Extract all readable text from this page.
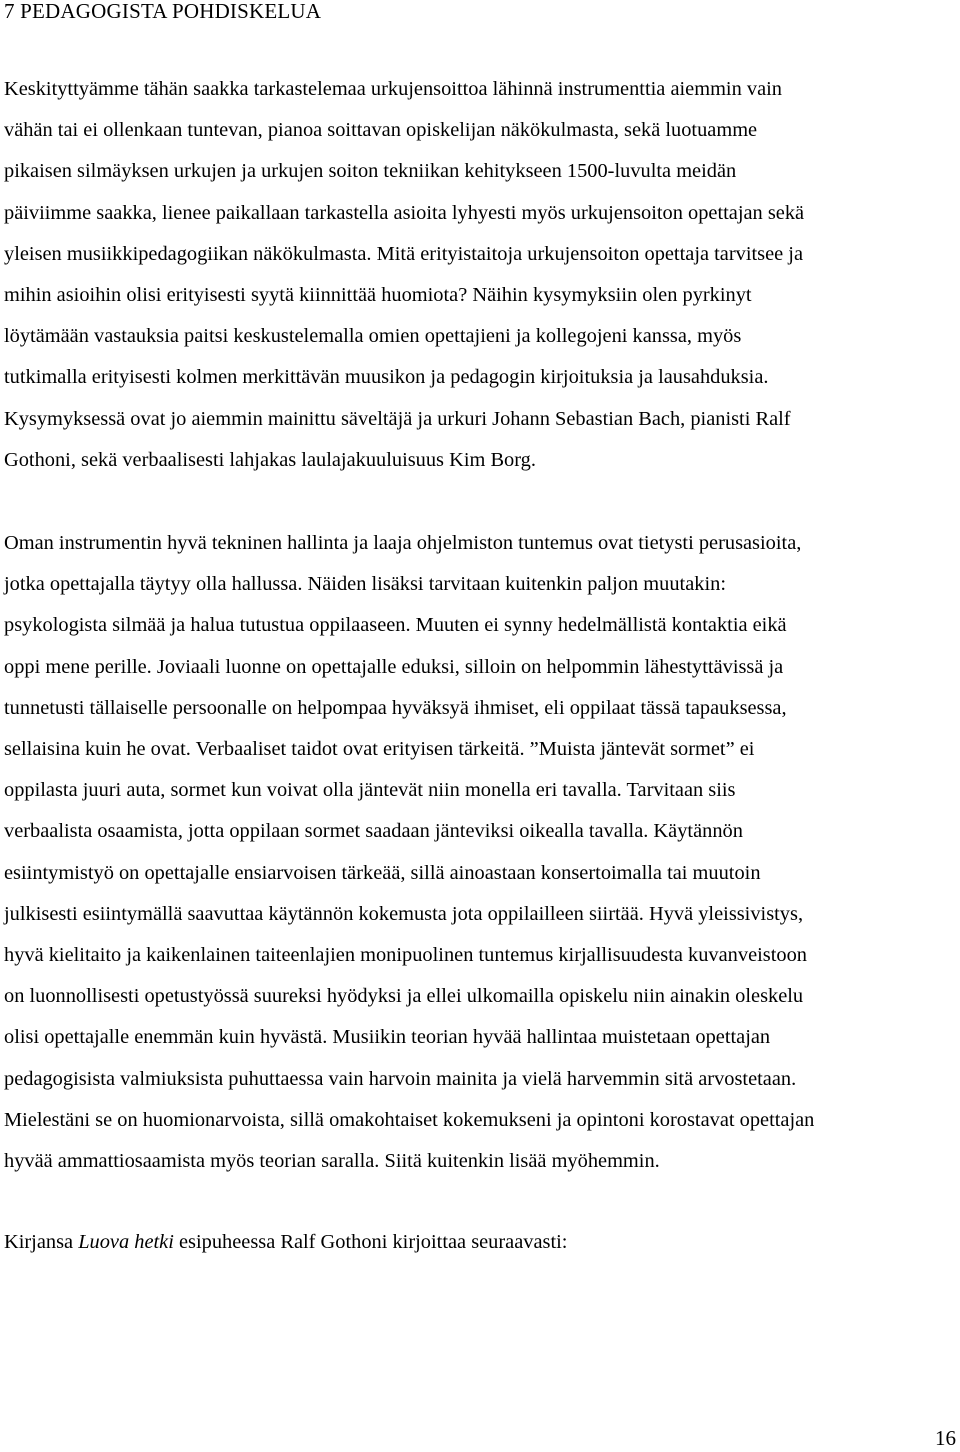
7 PEDAGOGISTA POHDISKELUA
Keskityttyämme tähän saakka tarkastelemaa urkujensoittoa lähinnä instrumenttia aiemmin vain
vähän tai ei ollenkaan tuntevan, pianoa soittavan opiskelijan näkökulmasta, sekä luotuamme
pikaisen silmäyksen urkujen ja urkujen soiton tekniikan kehitykseen 1500-luvulta meidän
päiviimme saakka, lienee paikallaan tarkastella asioita lyhyesti myös urkujensoiton opettajan sekä
yleisen musiikkipedagogiikan näkökulmasta. Mitä erityistaitoja urkujensoiton opettaja tarvitsee ja
mihin asioihin olisi erityisesti syytä kiinnittää huomiota? Näihin kysymyksiin olen pyrkinyt
löytämään vastauksia paitsi keskustelemalla omien opettajieni ja kollegojeni kanssa, myös
tutkimalla erityisesti kolmen merkittävän muusikon ja pedagogin kirjoituksia ja lausahduksia.
Kysymyksessä ovat jo aiemmin mainittu säveltäjä ja urkuri Johann Sebastian Bach, pianisti Ralf
Gothoni, sekä verbaalisesti lahjakas laulajakuuluisuus Kim Borg.
Oman instrumentin hyvä tekninen hallinta ja laaja ohjelmiston tuntemus ovat tietysti perusasioita,
jotka opettajalla täytyy olla hallussa. Näiden lisäksi tarvitaan kuitenkin paljon muutakin:
psykologista silmää ja halua tutustua oppilaaseen. Muuten ei synny hedelmällistä kontaktia eikä
oppi mene perille. Joviaali luonne on opettajalle eduksi, silloin on helpommin lähestyttävissä ja
tunnetusti tällaiselle persoonalle on helpompaa hyväksyä ihmiset, eli oppilaat tässä tapauksessa,
sellaisina kuin he ovat. Verbaaliset taidot ovat erityisen tärkeitä. ”Muista jäntevät sormet” ei
oppilasta juuri auta, sormet kun voivat olla jäntevät niin monella eri tavalla. Tarvitaan siis
verbaalista osaamista, jotta oppilaan sormet saadaan jänteviksi oikealla tavalla. Käytännön
esiintymistyö on opettajalle ensiarvoisen tärkeää, sillä ainoastaan konsertoimalla tai muutoin
julkisesti esiintymällä saavuttaa käytännön kokemusta jota oppilailleen siirtää. Hyvä yleissivistys,
hyvä kielitaito ja kaikenlainen taiteenlajien monipuolinen tuntemus kirjallisuudesta kuvanveistoon
on luonnollisesti opetustyössä suureksi hyödyksi ja ellei ulkomailla opiskelu niin ainakin oleskelu
olisi opettajalle enemmän kuin hyvästä. Musiikin teorian hyvää hallintaa muistetaan opettajan
pedagogisista valmiuksista puhuttaessa vain harvoin mainita ja vielä harvemmin sitä arvostetaan.
Mielestäni se on huomionarvoista, sillä omakohtaiset kokemukseni ja opintoni korostavat opettajan
hyvää ammattiosaamista myös teorian saralla. Siitä kuitenkin lisää myöhemmin.
Kirjansa Luova hetki esipuheessa Ralf Gothoni kirjoittaa seuraavasti:
16
